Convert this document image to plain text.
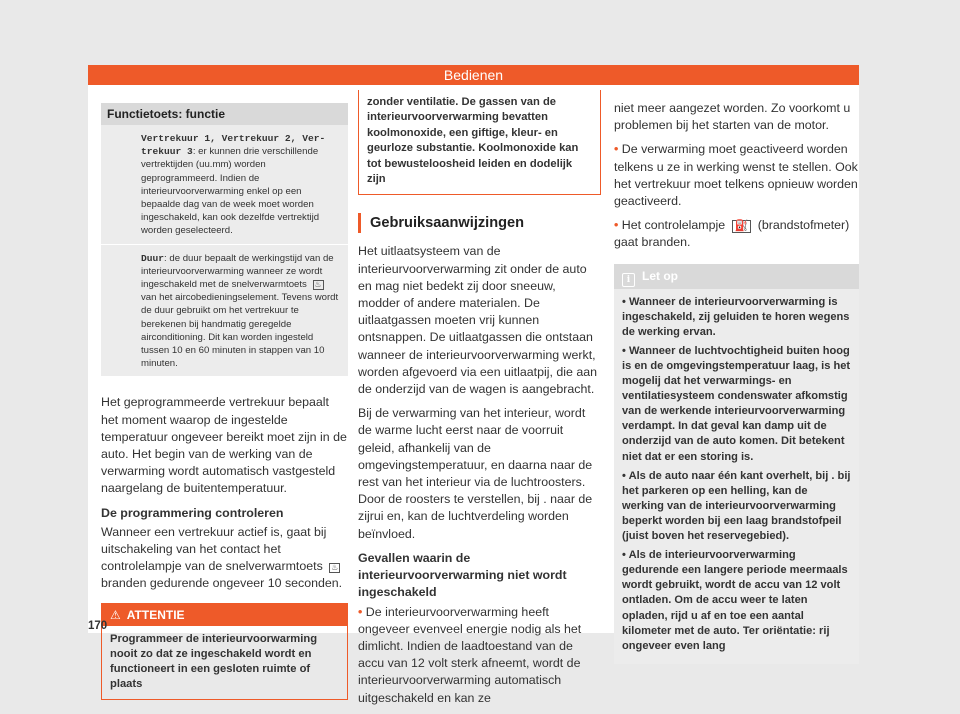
Bedienen
Functietoets: functie
Vertrekuur 1, Vertrekuur 2, Ver-trekuur 3: er kunnen drie verschillende vertrektijden (uu.mm) worden geprogrammeerd. Indien de interieurvoorverwarming enkel op een bepaalde dag van de week moet worden ingeschakeld, kan ook dezelfde vertrektijd worden geselecteerd.
Duur: de duur bepaalt de werkingstijd van de interieurvoorverwarming wanneer ze wordt ingeschakeld met de snelverwarmtoets ♨ van het aircobedieningselement. Tevens wordt de duur gebruikt om het vertrekuur te berekenen bij handmatig geregelde airconditioning. Dit kan worden ingesteld tussen 10 en 60 minuten in stappen van 10 minuten.

Het geprogrammeerde vertrekuur bepaalt het moment waarop de ingestelde temperatuur ongeveer bereikt moet zijn in de auto. Het begin van de werking van de verwarming wordt automatisch vastgesteld naargelang de buitentemperatuur.

De programmering controleren

Wanneer een vertrekuur actief is, gaat bij uitschakeling van het contact het controlelampje van de snelverwarmtoets ♨ branden gedurende ongeveer 10 seconden.

⚠ ATTENTIE
Programmeer de interieurvoorwarming nooit zo dat ze ingeschakeld wordt en functioneert in een gesloten ruimte of plaats
zonder ventilatie. De gassen van de interieurvoorverwarming bevatten koolmonoxide, een giftige, kleur- en geurloze substantie. Koolmonoxide kan tot bewusteloosheid leiden en dodelijk zijn
Gebruiksaanwijzingen

Het uitlaatsysteem van de interieurvoorverwarming zit onder de auto en mag niet bedekt zij door sneeuw, modder of andere materialen. De uitlaatgassen moeten vrij kunnen ontsnappen. De uitlaatgassen die ontstaan wanneer de interieurvoorverwarming werkt, worden afgevoerd via een uitlaatpij, die aan de onderzijd van de wagen is aangebracht.

Bij de verwarming van het interieur, wordt de warme lucht eerst naar de voorruit geleid, afhankelij van de omgevingstemperatuur, en daarna naar de rest van het interieur via de luchtroosters. Door de roosters te verstellen, bij . naar de zijrui en, kan de luchtverdeling worden beïnvloed.

Gevallen waarin de interieurvoorverwarming niet wordt ingeschakeld

• De interieurvoorverwarming heeft ongeveer evenveel energie nodig als het dimlicht. Indien de laadtoestand van de accu van 12 volt sterk afneemt, wordt de interieurvoorverwarming automatisch uitgeschakeld en kan ze

niet meer aangezet worden. Zo voorkomt u problemen bij het starten van de motor.

• De verwarming moet geactiveerd worden telkens u ze in werking wenst te stellen. Ook het vertrekuur moet telkens opnieuw worden geactiveerd.

• Het controlelampje ⛽ (brandstofmeter) gaat branden.

i Let op

• Wanneer de interieurvoorverwarming is ingeschakeld, zij geluiden te horen wegens de werking ervan.

• Wanneer de luchtvochtigheid buiten hoog is en de omgevingstemperatuur laag, is het mogelij dat het verwarmings- en ventilatiesysteem condenswater afkomstig van de werkende interieurvoorverwarming verdampt. In dat geval kan damp uit de onderzijd van de auto komen. Dit betekent niet dat er een storing is.

• Als de auto naar één kant overhelt, bij . bij het parkeren op een helling, kan de werking van de interieurvoorverwarming beperkt worden bij een laag brandstofpeil (juist boven het reservegebied).

• Als de interieurvoorverwarming gedurende een langere periode meermaals wordt gebruikt, wordt de accu van 12 volt ontladen. Om de accu weer te laten opladen, rijd u af en toe een aantal kilometer met de auto. Ter oriëntatie: rij ongeveer even lang

170
